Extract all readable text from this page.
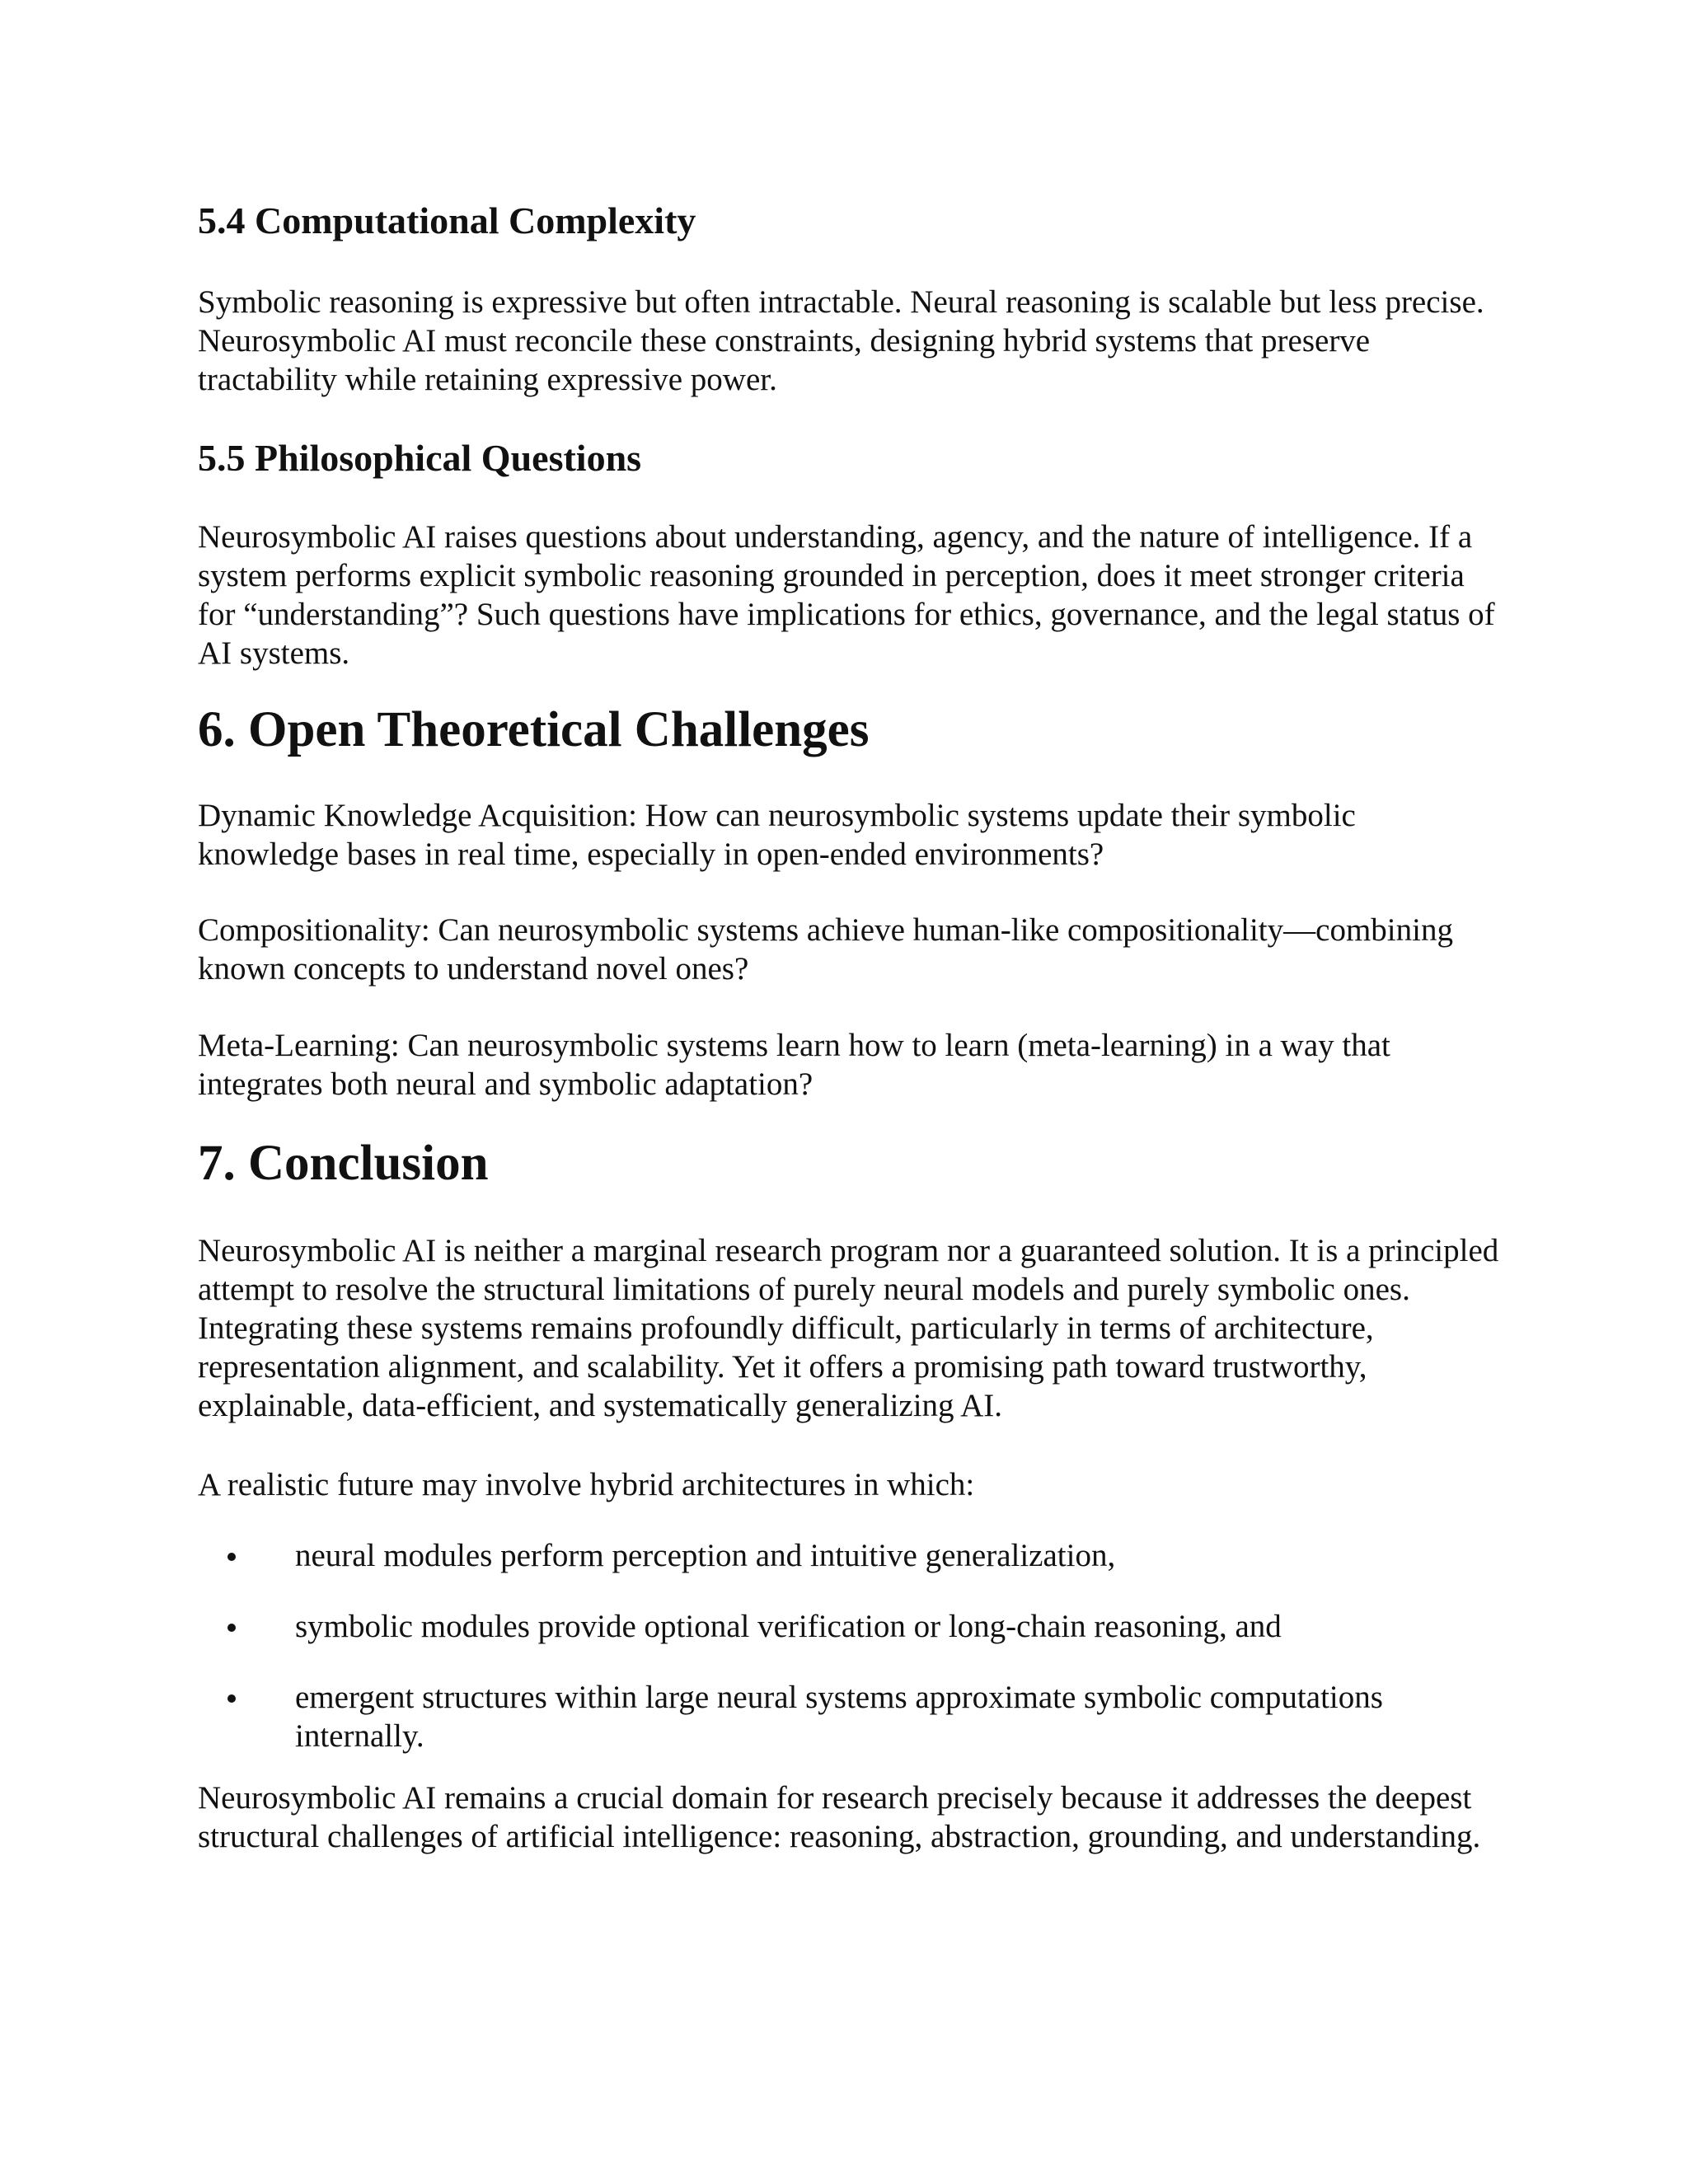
5.4 Computational Complexity

Symbolic reasoning is expressive but often intractable. Neural reasoning is scalable but less precise. Neurosymbolic AI must reconcile these constraints, designing hybrid systems that preserve tractability while retaining expressive power.

5.5 Philosophical Questions

Neurosymbolic AI raises questions about understanding, agency, and the nature of intelligence. If a system performs explicit symbolic reasoning grounded in perception, does it meet stronger criteria for “understanding”? Such questions have implications for ethics, governance, and the legal status of AI systems.

6. Open Theoretical Challenges

Dynamic Knowledge Acquisition: How can neurosymbolic systems update their symbolic knowledge bases in real time, especially in open-ended environments?

Compositionality: Can neurosymbolic systems achieve human-like compositionality—combining known concepts to understand novel ones?

Meta-Learning: Can neurosymbolic systems learn how to learn (meta-learning) in a way that integrates both neural and symbolic adaptation?

7. Conclusion

Neurosymbolic AI is neither a marginal research program nor a guaranteed solution. It is a principled attempt to resolve the structural limitations of purely neural models and purely symbolic ones. Integrating these systems remains profoundly difficult, particularly in terms of architecture, representation alignment, and scalability. Yet it offers a promising path toward trustworthy, explainable, data-efficient, and systematically generalizing AI.

A realistic future may involve hybrid architectures in which:

neural modules perform perception and intuitive generalization,
symbolic modules provide optional verification or long-chain reasoning, and
emergent structures within large neural systems approximate symbolic computations internally.

Neurosymbolic AI remains a crucial domain for research precisely because it addresses the deepest structural challenges of artificial intelligence: reasoning, abstraction, grounding, and understanding.
